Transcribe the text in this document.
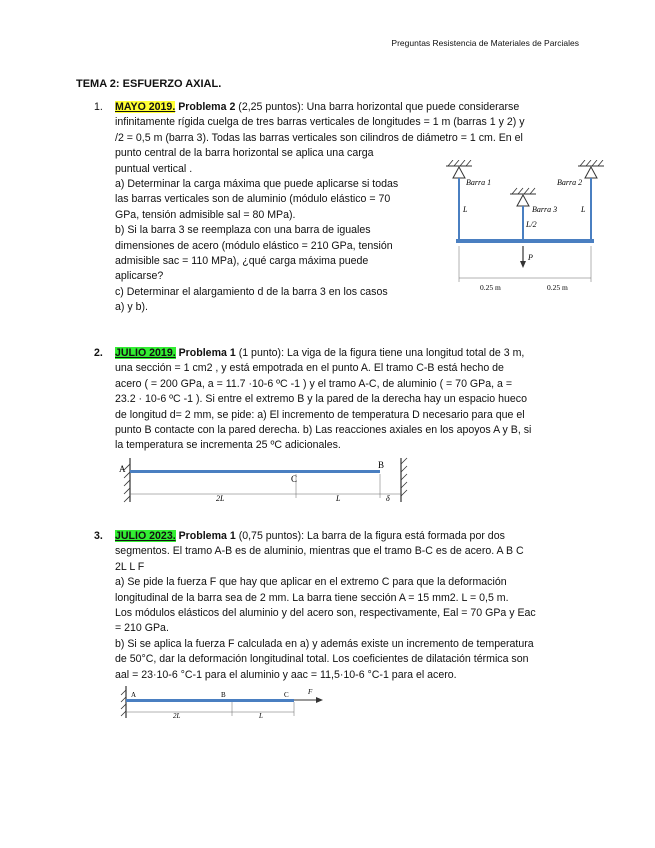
Preguntas Resistencia de Materiales de Parciales
TEMA 2: ESFUERZO AXIAL.
1.	MAYO 2019. Problema 2 (2,25 puntos): Una barra horizontal que puede considerarse

infinitamente rígida cuelga de tres barras verticales de longitudes = 1 m (barras 1 y 2) y

/2 = 0,5 m (barra 3). Todas las barras verticales son cilindros de diámetro = 1 cm. En el

punto central de la barra horizontal se aplica una carga

puntual vertical .

a) Determinar la carga máxima que puede aplicarse si todas

las barras verticales son de aluminio (módulo elástico = 70

GPa, tensión admisible sal = 80 MPa).

b) Si la barra 3 se reemplaza con una barra de iguales

dimensiones de acero (módulo elástico = 210 GPa, tensión

admisible sac = 110 MPa), ¿qué carga máxima puede

aplicarse?

c) Determinar el alargamiento d de la barra 3 en los casos

a) y b).

Barra 1	Barra 2
Barra 3
L	L
L/2
P
0.25 m	0.25 m
2.	JULIO 2019. Problema 1 (1 punto): La viga de la figura tiene una longitud total de 3 m,

una sección = 1 cm2 , y está empotrada en el punto A. El tramo C-B está hecho de

acero ( = 200 GPa, a = 11.7 ·10-6 ºC -1 ) y el tramo A-C, de aluminio ( = 70 GPa, a =

23.2 · 10-6 ºC -1 ). Si entre el extremo B y la pared de la derecha hay un espacio hueco

de longitud d= 2 mm, se pide: a) El incremento de temperatura D necesario para que el

punto B contacte con la pared derecha. b) Las reacciones axiales en los apoyos A y B, si

la temperatura se incrementa 25 ºC adicionales.

A	B
C
2L	L	δ
3.	JULIO 2023. Problema 1 (0,75 puntos): La barra de la figura está formada por dos

segmentos. El tramo A-B es de aluminio, mientras que el tramo B-C es de acero. A B C

2L L F

a) Se pide la fuerza F que hay que aplicar en el extremo C para que la deformación

longitudinal de la barra sea de 2 mm. La barra tiene sección A = 15 mm2. L = 0,5 m.

Los módulos elásticos del aluminio y del acero son, respectivamente, Eal = 70 GPa y Eac

= 210 GPa.

b) Si se aplica la fuerza F calculada en a) y además existe un incremento de temperatura

de 50°C, dar la deformación longitudinal total. Los coeficientes de dilatación térmica son

aal = 23·10-6 °C-1 para el aluminio y aac = 11,5·10-6 °C-1 para el acero.

A	B	C	F
2L	L
